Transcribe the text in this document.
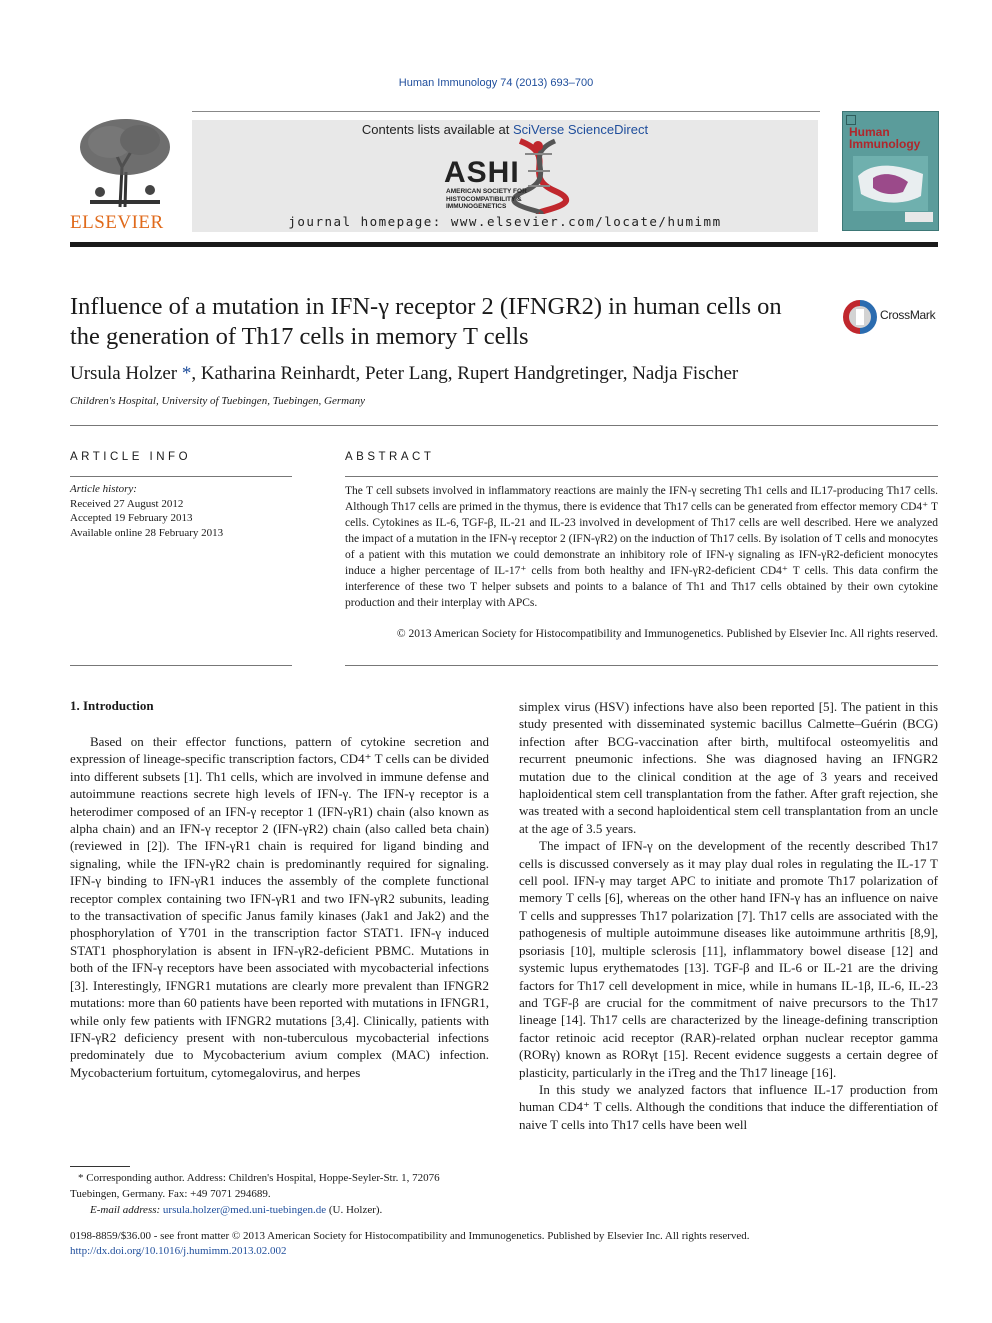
Human Immunology 74 (2013) 693–700
ELSEVIER
Contents lists available at SciVerse ScienceDirect
ASHI
AMERICAN SOCIETY FOR HISTOCOMPATIBILITY & IMMUNOGENETICS
journal homepage: www.elsevier.com/locate/humimm
Human Immunology
Influence of a mutation in IFN-γ receptor 2 (IFNGR2) in human cells on the generation of Th17 cells in memory T cells
CrossMark
Ursula Holzer *, Katharina Reinhardt, Peter Lang, Rupert Handgretinger, Nadja Fischer
Children's Hospital, University of Tuebingen, Tuebingen, Germany
ARTICLE INFO
Article history:
Received 27 August 2012
Accepted 19 February 2013
Available online 28 February 2013
ABSTRACT
The T cell subsets involved in inflammatory reactions are mainly the IFN-γ secreting Th1 cells and IL17-producing Th17 cells. Although Th17 cells are primed in the thymus, there is evidence that Th17 cells can be generated from effector memory CD4⁺ T cells. Cytokines as IL-6, TGF-β, IL-21 and IL-23 involved in development of Th17 cells are well described. Here we analyzed the impact of a mutation in the IFN-γ receptor 2 (IFN-γR2) on the induction of Th17 cells. By isolation of T cells and monocytes of a patient with this mutation we could demonstrate an inhibitory role of IFN-γ signaling as IFN-γR2-deficient monocytes induce a higher percentage of IL-17⁺ cells from both healthy and IFN-γR2-deficient CD4⁺ T cells. This data confirm the interference of these two T helper subsets and points to a balance of Th1 and Th17 cells obtained by their own cytokine production and their interplay with APCs.
© 2013 American Society for Histocompatibility and Immunogenetics. Published by Elsevier Inc. All rights reserved.
1. Introduction

Based on their effector functions, pattern of cytokine secretion and expression of lineage-specific transcription factors, CD4⁺ T cells can be divided into different subsets [1]. Th1 cells, which are involved in immune defense and autoimmune reactions secrete high levels of IFN-γ. The IFN-γ receptor is a heterodimer composed of an IFN-γ receptor 1 (IFN-γR1) chain (also known as alpha chain) and an IFN-γ receptor 2 (IFN-γR2) chain (also called beta chain) (reviewed in [2]). The IFN-γR1 chain is required for ligand binding and signaling, while the IFN-γR2 chain is predominantly required for signaling. IFN-γ binding to IFN-γR1 induces the assembly of the complete functional receptor complex containing two IFN-γR1 and two IFN-γR2 subunits, leading to the transactivation of specific Janus family kinases (Jak1 and Jak2) and the phosphorylation of Y701 in the transcription factor STAT1. IFN-γ induced STAT1 phosphorylation is absent in IFN-γR2-deficient PBMC. Mutations in both of the IFN-γ receptors have been associated with mycobacterial infections [3]. Interestingly, IFNGR1 mutations are clearly more prevalent than IFNGR2 mutations: more than 60 patients have been reported with mutations in IFNGR1, while only few patients with IFNGR2 mutations [3,4]. Clinically, patients with IFN-γR2 deficiency present with non-tuberculous mycobacterial infections predominately due to Mycobacterium avium complex (MAC) infection. Mycobacterium fortuitum, cytomegalovirus, and herpes

simplex virus (HSV) infections have also been reported [5]. The patient in this study presented with disseminated systemic bacillus Calmette–Guérin (BCG) infection after BCG-vaccination after birth, multifocal osteomyelitis and recurrent pneumonic infections. She was diagnosed having an IFNGR2 mutation due to the clinical condition at the age of 3 years and received haploidentical stem cell transplantation from the father. After graft rejection, she was treated with a second haploidentical stem cell transplantation from an uncle at the age of 3.5 years.

The impact of IFN-γ on the development of the recently described Th17 cells is discussed conversely as it may play dual roles in regulating the IL-17 T cell pool. IFN-γ may target APC to initiate and promote Th17 polarization of memory T cells [6], whereas on the other hand IFN-γ has an influence on naive T cells and suppresses Th17 polarization [7]. Th17 cells are associated with the pathogenesis of multiple autoimmune diseases like autoimmune arthritis [8,9], psoriasis [10], multiple sclerosis [11], inflammatory bowel disease [12] and systemic lupus erythematodes [13]. TGF-β and IL-6 or IL-21 are the driving factors for Th17 cell development in mice, while in humans IL-1β, IL-6, IL-23 and TGF-β are crucial for the commitment of naive precursors to the Th17 lineage [14]. Th17 cells are characterized by the lineage-defining transcription factor retinoic acid receptor (RAR)-related orphan nuclear receptor gamma (RORγ) known as RORγt [15]. Recent evidence suggests a certain degree of plasticity, particularly in the iTreg and the Th17 lineage [16].

In this study we analyzed factors that influence IL-17 production from human CD4⁺ T cells. Although the conditions that induce the differentiation of naive T cells into Th17 cells have been well

* Corresponding author. Address: Children's Hospital, Hoppe-Seyler-Str. 1, 72076 Tuebingen, Germany. Fax: +49 7071 294689.
E-mail address: ursula.holzer@med.uni-tuebingen.de (U. Holzer).
0198-8859/$36.00 - see front matter © 2013 American Society for Histocompatibility and Immunogenetics. Published by Elsevier Inc. All rights reserved.
http://dx.doi.org/10.1016/j.humimm.2013.02.002
